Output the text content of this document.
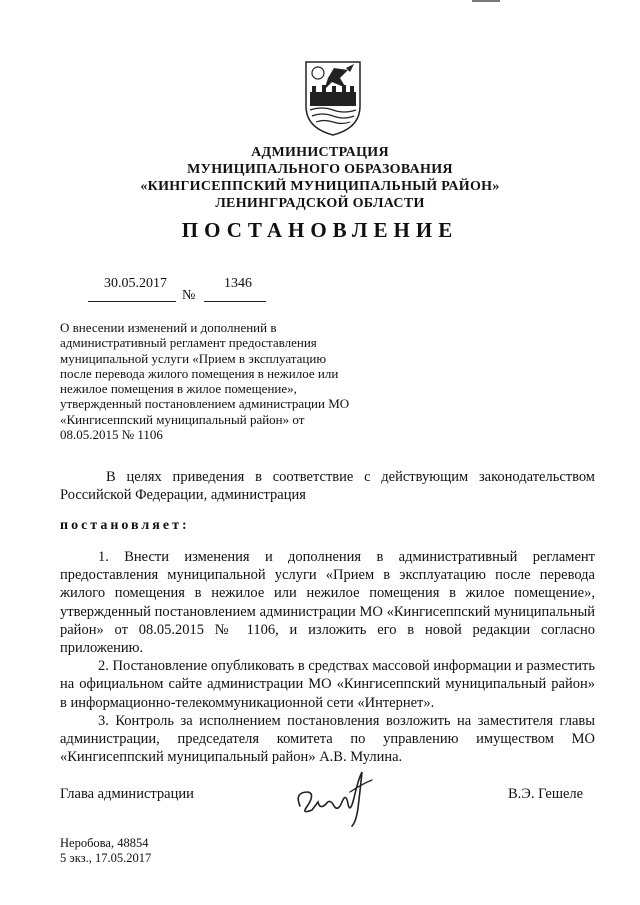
АДМИНИСТРАЦИЯ
МУНИЦИПАЛЬНОГО ОБРАЗОВАНИЯ
«КИНГИСЕППСКИЙ МУНИЦИПАЛЬНЫЙ РАЙОН»
ЛЕНИНГРАДСКОЙ ОБЛАСТИ
ПОСТАНОВЛЕНИЕ
30.05.2017
№
1346
О внесении изменений и дополнений в
административный регламент предоставления
муниципальной услуги «Прием в эксплуатацию
после перевода жилого помещения в нежилое или
нежилое помещения в жилое помещение»,
утвержденный постановлением администрации МО
«Кингисеппский муниципальный район» от
08.05.2015 № 1106
В целях приведения в соответствие с действующим законодательством Российской Федерации, администрация
постановляет:

1. Внести изменения и дополнения в административный регламент предоставления муниципальной услуги «Прием в эксплуатацию после перевода жилого помещения в нежилое или нежилое помещения в жилое помещение», утвержденный постановлением администрации МО «Кингисеппский муниципальный район» от 08.05.2015 № 1106, и изложить его в новой редакции согласно приложению.

2. Постановление опубликовать в средствах массовой информации и разместить на официальном сайте администрации МО «Кингисеппский муниципальный район» в информационно-телекоммуникационной сети «Интернет».

3. Контроль за исполнением постановления возложить на заместителя главы администрации, председателя комитета по управлению имуществом МО «Кингисеппский муниципальный район» А.В. Мулина.

Глава администрации	В.Э. Гешеле
Неробова, 48854
5 экз., 17.05.2017
